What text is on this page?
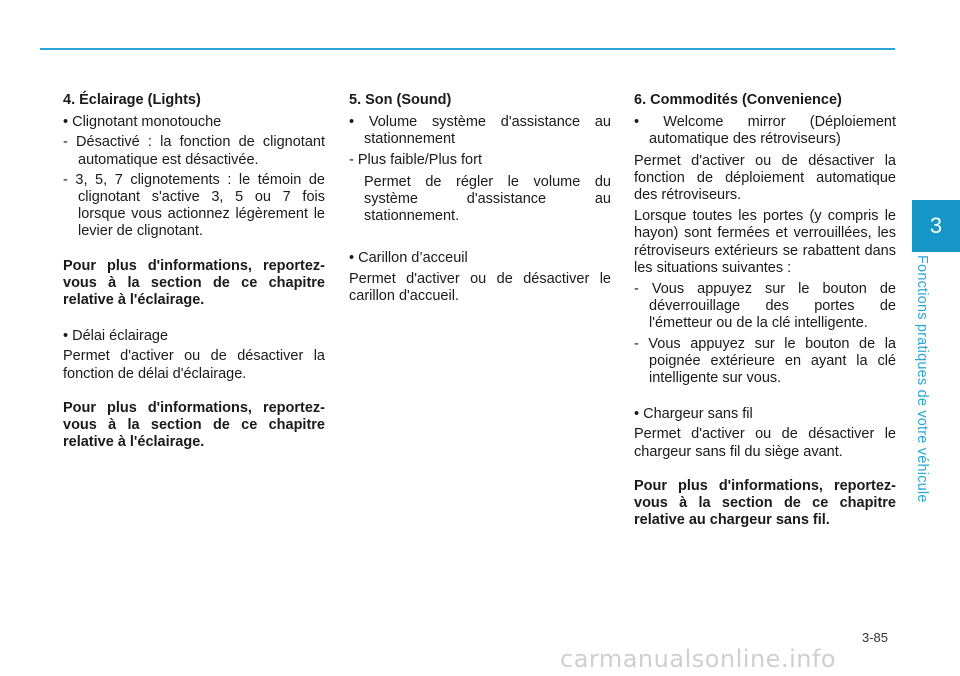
3
Fonctions pratiques de votre véhicule
4. Éclairage (Lights)
• Clignotant monotouche
- Désactivé : la fonction de clignotant automatique est désactivée.
- 3, 5, 7 clignotements : le témoin de clignotant s'active 3, 5 ou 7 fois lorsque vous actionnez légèrement le levier de clignotant.
Pour plus d'informations, reportez-vous à la section de ce chapitre relative à l'éclairage.
• Délai éclairage
Permet d'activer ou de désactiver la fonction de délai d'éclairage.
Pour plus d'informations, reportez-vous à la section de ce chapitre relative à l'éclairage.
5. Son (Sound)
• Volume système d'assistance au stationnement
- Plus faible/Plus fort
Permet de régler le volume du système d'assistance au stationnement.
• Carillon d’acceuil
Permet d'activer ou de désactiver le carillon d'accueil.
6. Commodités (Convenience)
• Welcome mirror (Déploiement automatique des rétroviseurs)
Permet d'activer ou de désactiver la fonction de déploiement automatique des rétroviseurs.
Lorsque toutes les portes (y compris le hayon) sont fermées et verrouillées, les rétroviseurs extérieurs se rabattent dans les situations suivantes :
- Vous appuyez sur le bouton de déverrouillage des portes de l'émetteur ou de la clé intelligente.
- Vous appuyez sur le bouton de la poignée extérieure en ayant la clé intelligente sur vous.
• Chargeur sans fil
Permet d'activer ou de désactiver le chargeur sans fil du siège avant.
Pour plus d'informations, reportez-vous à la section de ce chapitre relative au chargeur sans fil.
3-85
carmanualsonline.info
